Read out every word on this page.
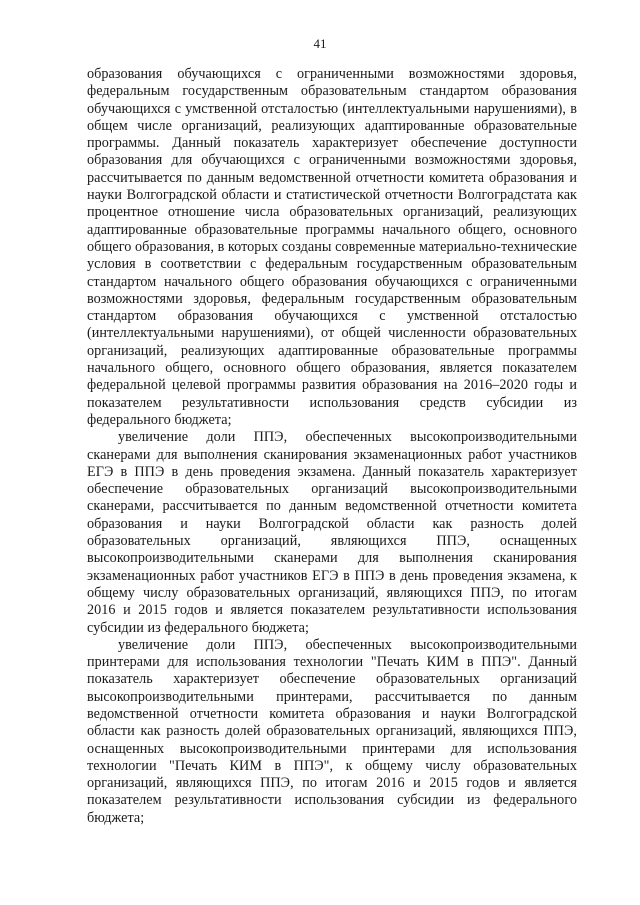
41

образования обучающихся с ограниченными возможностями здоровья, федеральным государственным образовательным стандартом образования обучающихся с умственной отсталостью (интеллектуальными нарушениями), в общем числе организаций, реализующих адаптированные образовательные программы. Данный показатель характеризует обеспечение доступности образования для обучающихся с ограниченными возможностями здоровья, рассчитывается по данным ведомственной отчетности комитета образования и науки Волгоградской области и статистической отчетности Волгоградстата как процентное отношение числа образовательных организаций, реализующих адаптированные образовательные программы начального общего, основного общего образования, в которых созданы современные материально-технические условия в соответствии с федеральным государственным образовательным стандартом начального общего образования обучающихся с ограниченными возможностями здоровья, федеральным государственным образовательным стандартом образования обучающихся с умственной отсталостью (интеллектуальными нарушениями), от общей численности образовательных организаций, реализующих адаптированные образовательные программы начального общего, основного общего образования, является показателем федеральной целевой программы развития образования на 2016–2020 годы и показателем результативности использования средств субсидии из федерального бюджета;

увеличение доли ППЭ, обеспеченных высокопроизводительными сканерами для выполнения сканирования экзаменационных работ участников ЕГЭ в ППЭ в день проведения экзамена. Данный показатель характеризует обеспечение образовательных организаций высокопроизводительными сканерами, рассчитывается по данным ведомственной отчетности комитета образования и науки Волгоградской области как разность долей образовательных организаций, являющихся ППЭ, оснащенных высокопроизводительными сканерами для выполнения сканирования экзаменационных работ участников ЕГЭ в ППЭ в день проведения экзамена, к общему числу образовательных организаций, являющихся ППЭ, по итогам 2016 и 2015 годов и является показателем результативности использования субсидии из федерального бюджета;

увеличение доли ППЭ, обеспеченных высокопроизводительными принтерами для использования технологии "Печать КИМ в ППЭ". Данный показатель характеризует обеспечение образовательных организаций высокопроизводительными принтерами, рассчитывается по данным ведомственной отчетности комитета образования и науки Волгоградской области как разность долей образовательных организаций, являющихся ППЭ, оснащенных высокопроизводительными принтерами для использования технологии "Печать КИМ в ППЭ", к общему числу образовательных организаций, являющихся ППЭ, по итогам 2016 и 2015 годов и является показателем результативности использования субсидии из федерального бюджета;
